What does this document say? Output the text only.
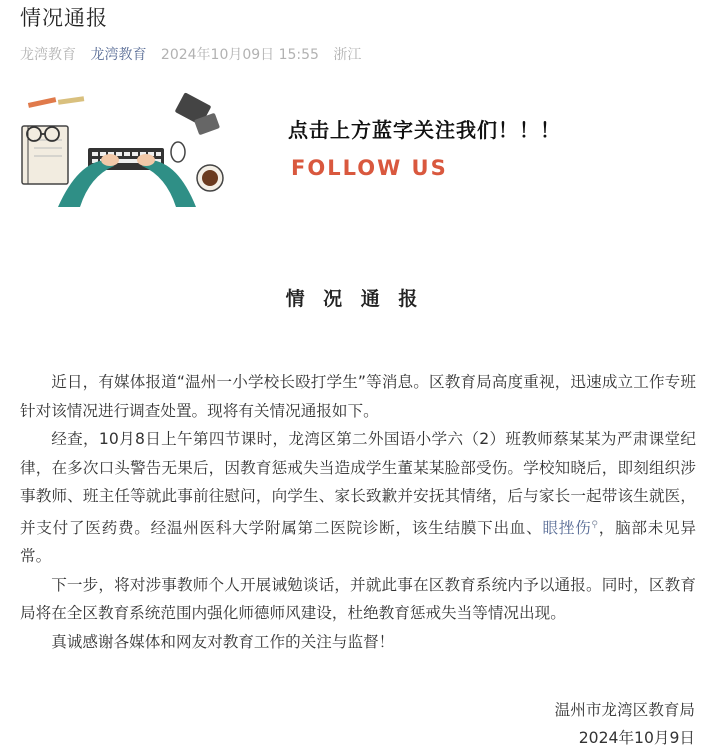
情况通报
龙湾教育 龙湾教育 2024年10月09日 15:55 浙江
点击上方蓝字关注我们！！！
FOLLOW US
情 况 通 报

近日，有媒体报道“温州一小学校长殴打学生”等消息。区教育局高度重视，迅速成立工作专班针对该情况进行调查处置。现将有关情况通报如下。

经查，10月8日上午第四节课时，龙湾区第二外国语小学六（2）班教师蔡某某为严肃课堂纪律，在多次口头警告无果后，因教育惩戒失当造成学生董某某脸部受伤。学校知晓后，即刻组织涉事教师、班主任等就此事前往慰问，向学生、家长致歉并安抚其情绪，后与家长一起带该生就医，并支付了医药费。经温州医科大学附属第二医院诊断，该生结膜下出血、眼挫伤⚲，脑部未见异常。

下一步，将对涉事教师个人开展诫勉谈话，并就此事在区教育系统内予以通报。同时，区教育局将在全区教育系统范围内强化师德师风建设，杜绝教育惩戒失当等情况出现。

真诚感谢各媒体和网友对教育工作的关注与监督！

温州市龙湾区教育局
2024年10月9日
